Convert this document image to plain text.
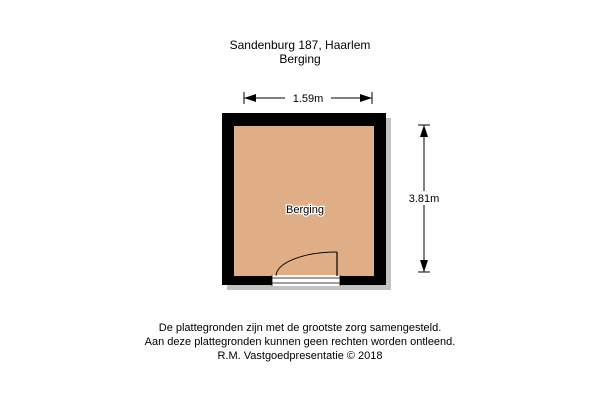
Sandenburg 187, Haarlem
Berging
Berging
1.59m
3.81m
De plattegronden zijn met de grootste zorg samengesteld.
Aan deze plattegronden kunnen geen rechten worden ontleend.
R.M. Vastgoedpresentatie © 2018
